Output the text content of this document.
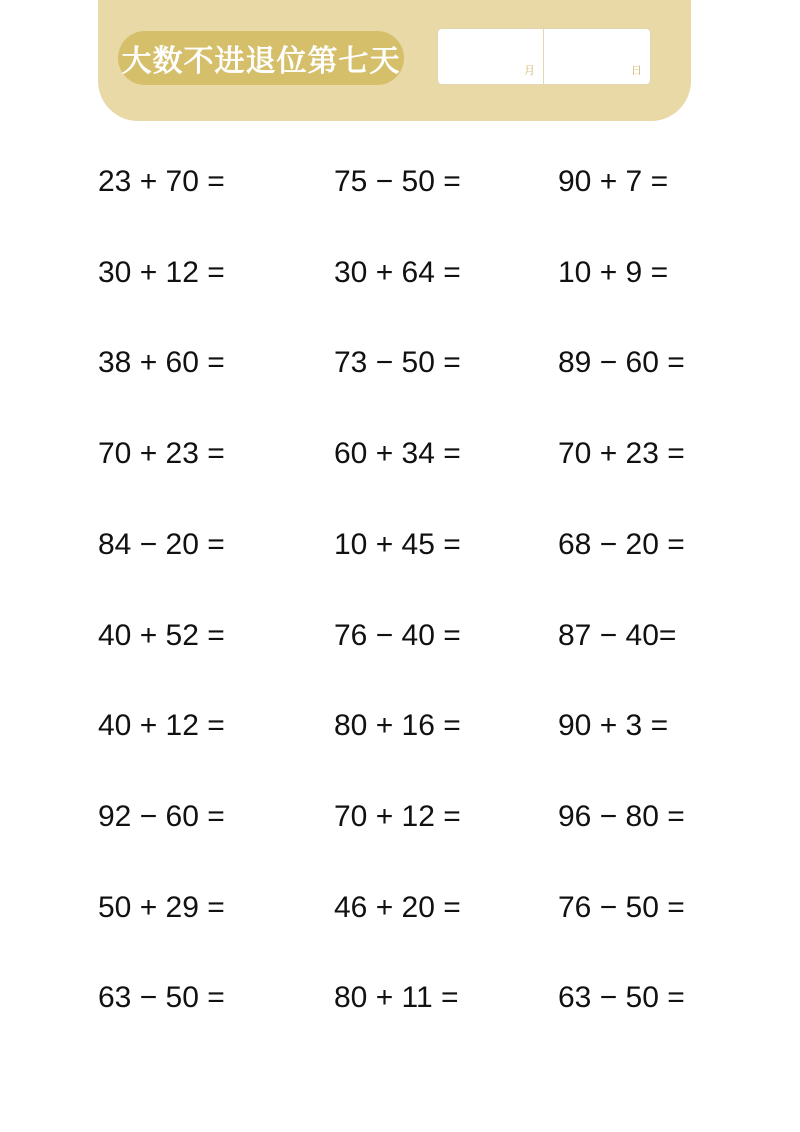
大数不进退位第七天	月	日
23 + 70 =	75 − 50 =	90 + 7 =
30 + 12 =	30 + 64 =	10 + 9 =
38 + 60 =	73 − 50 =	89 − 60 =
70 + 23 =	60 + 34 =	70 + 23 =
84 − 20 =	10 + 45 =	68 − 20 =
40 + 52 =	76 − 40 =	87 − 40=
40 + 12 =	80 + 16 =	90 + 3 =
92 − 60 =	70 + 12 =	96 − 80 =
50 + 29 =	46 + 20 =	76 − 50 =
63 − 50 =	80 + 11 =	63 − 50 =
